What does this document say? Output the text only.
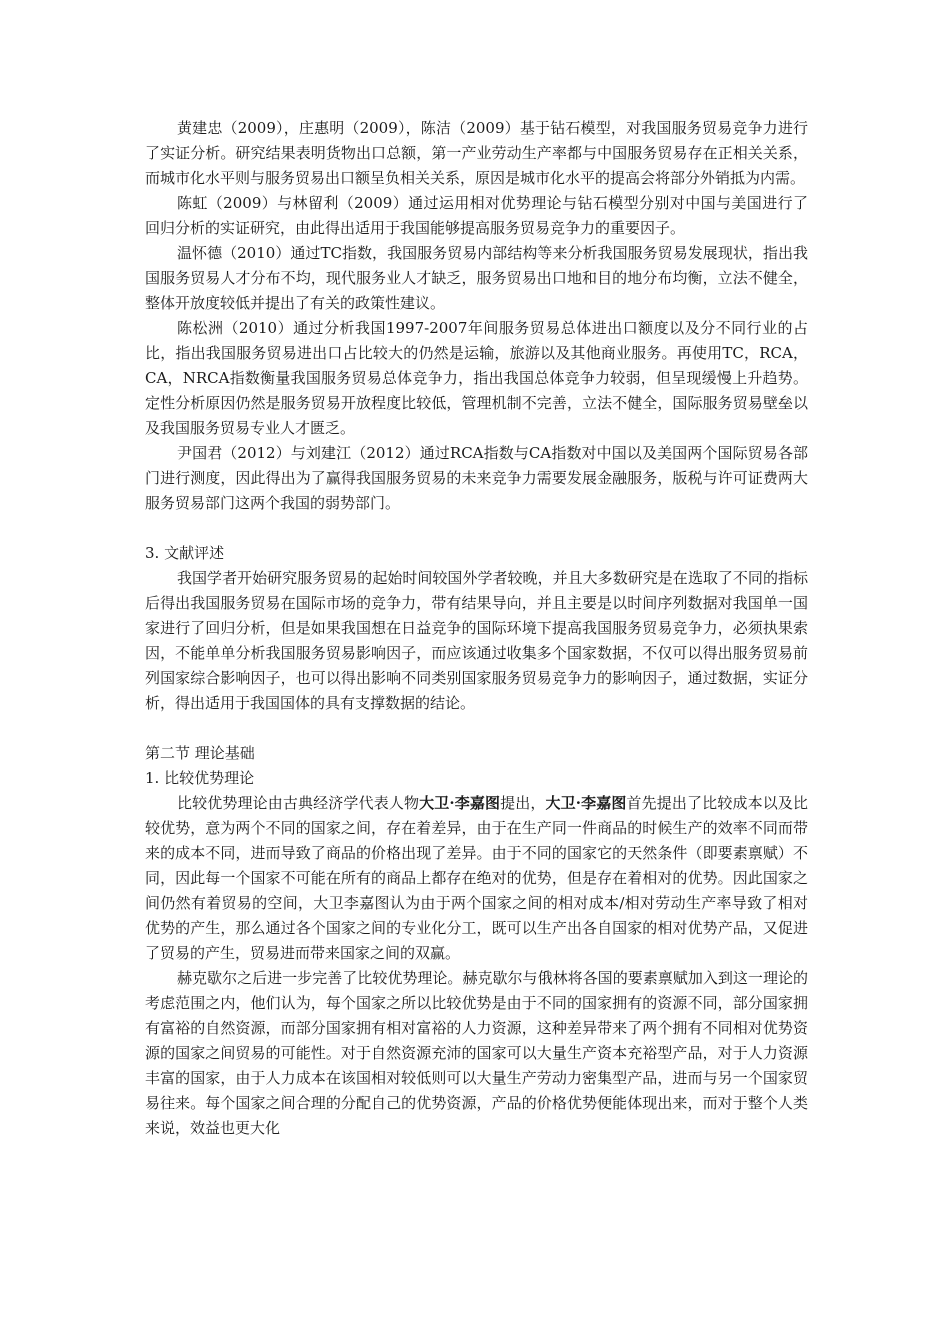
黄建忠（2009），庄惠明（2009），陈洁（2009）基于钻石模型，对我国服务贸易竞争力进行了实证分析。研究结果表明货物出口总额，第一产业劳动生产率都与中国服务贸易存在正相关关系，而城市化水平则与服务贸易出口额呈负相关关系，原因是城市化水平的提高会将部分外销抵为内需。

陈虹（2009）与林留利（2009）通过运用相对优势理论与钻石模型分别对中国与美国进行了回归分析的实证研究，由此得出适用于我国能够提高服务贸易竞争力的重要因子。

温怀德（2010）通过TC指数，我国服务贸易内部结构等来分析我国服务贸易发展现状，指出我国服务贸易人才分布不均，现代服务业人才缺乏，服务贸易出口地和目的地分布均衡，立法不健全，整体开放度较低并提出了有关的政策性建议。

陈松洲（2010）通过分析我国1997-2007年间服务贸易总体进出口额度以及分不同行业的占比，指出我国服务贸易进出口占比较大的仍然是运输，旅游以及其他商业服务。再使用TC，RCA，CA，NRCA指数衡量我国服务贸易总体竞争力，指出我国总体竞争力较弱，但呈现缓慢上升趋势。定性分析原因仍然是服务贸易开放程度比较低，管理机制不完善，立法不健全，国际服务贸易壁垒以及我国服务贸易专业人才匮乏。

尹国君（2012）与刘建江（2012）通过RCA指数与CA指数对中国以及美国两个国际贸易各部门进行测度，因此得出为了赢得我国服务贸易的未来竞争力需要发展金融服务，版税与许可证费两大服务贸易部门这两个我国的弱势部门。

3. 文献评述

我国学者开始研究服务贸易的起始时间较国外学者较晚，并且大多数研究是在选取了不同的指标后得出我国服务贸易在国际市场的竞争力，带有结果导向，并且主要是以时间序列数据对我国单一国家进行了回归分析，但是如果我国想在日益竞争的国际环境下提高我国服务贸易竞争力，必须执果索因，不能单单分析我国服务贸易影响因子，而应该通过收集多个国家数据，不仅可以得出服务贸易前列国家综合影响因子，也可以得出影响不同类别国家服务贸易竞争力的影响因子，通过数据，实证分析，得出适用于我国国体的具有支撑数据的结论。

第二节 理论基础

1. 比较优势理论

比较优势理论由古典经济学代表人物大卫·李嘉图提出，大卫·李嘉图首先提出了比较成本以及比较优势，意为两个不同的国家之间，存在着差异，由于在生产同一件商品的时候生产的效率不同而带来的成本不同，进而导致了商品的价格出现了差异。由于不同的国家它的天然条件（即要素禀赋）不同，因此每一个国家不可能在所有的商品上都存在绝对的优势，但是存在着相对的优势。因此国家之间仍然有着贸易的空间，大卫李嘉图认为由于两个国家之间的相对成本/相对劳动生产率导致了相对优势的产生，那么通过各个国家之间的专业化分工，既可以生产出各自国家的相对优势产品，又促进了贸易的产生，贸易进而带来国家之间的双赢。

赫克歇尔之后进一步完善了比较优势理论。赫克歇尔与俄林将各国的要素禀赋加入到这一理论的考虑范围之内，他们认为，每个国家之所以比较优势是由于不同的国家拥有的资源不同，部分国家拥有富裕的自然资源，而部分国家拥有相对富裕的人力资源，这种差异带来了两个拥有不同相对优势资源的国家之间贸易的可能性。对于自然资源充沛的国家可以大量生产资本充裕型产品，对于人力资源丰富的国家，由于人力成本在该国相对较低则可以大量生产劳动力密集型产品，进而与另一个国家贸易往来。每个国家之间合理的分配自己的优势资源，产品的价格优势便能体现出来，而对于整个人类来说，效益也更大化
